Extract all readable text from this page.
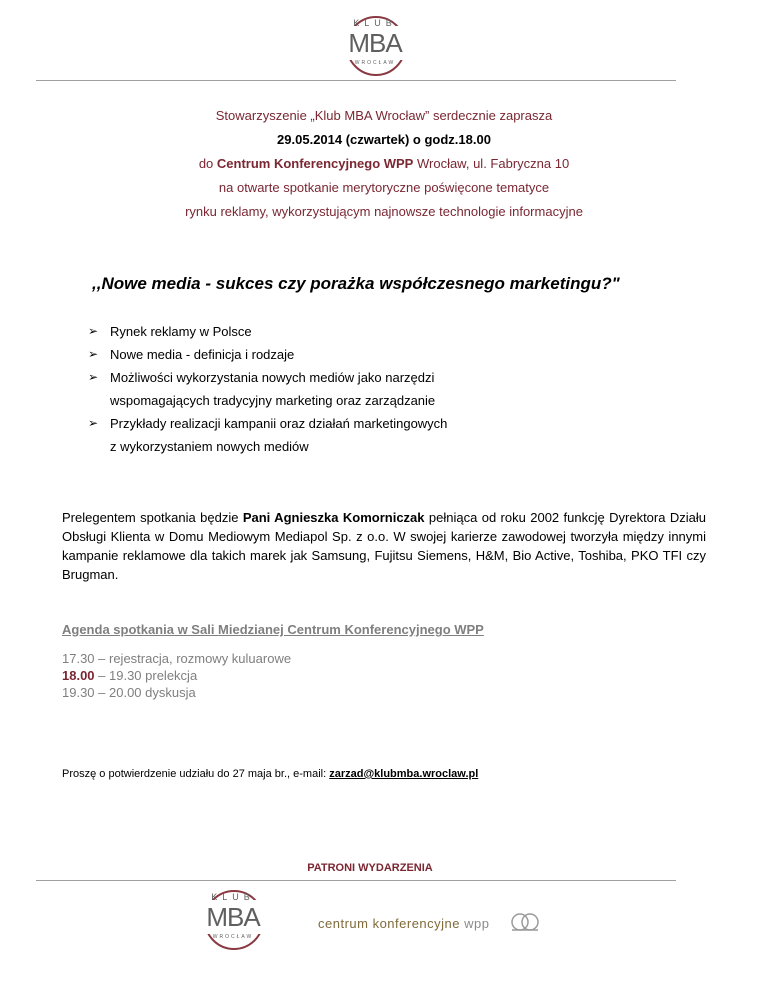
KLUB
MBA
WROCŁAW
Stowarzyszenie „Klub MBA Wrocław” serdecznie zaprasza
29.05.2014 (czwartek) o godz.18.00
do Centrum Konferencyjnego WPP Wrocław, ul. Fabryczna 10
na otwarte spotkanie merytoryczne poświęcone tematyce
rynku reklamy, wykorzystującym najnowsze technologie informacyjne
,,Nowe media - sukces czy porażka współczesnego marketingu?"
➢ Rynek reklamy w Polsce
➢ Nowe media - definicja i rodzaje
➢ Możliwości wykorzystania nowych mediów jako narzędzi
wspomagających tradycyjny marketing oraz zarządzanie
➢ Przykłady realizacji kampanii oraz działań marketingowych
z wykorzystaniem nowych mediów
Prelegentem spotkania będzie Pani Agnieszka Komorniczak pełniąca od roku 2002 funkcję Dyrektora Działu Obsługi Klienta w Domu Mediowym Mediapol Sp. z o.o. W swojej karierze zawodowej tworzyła między innymi kampanie reklamowe dla takich marek jak Samsung, Fujitsu Siemens, H&M, Bio Active, Toshiba, PKO TFI czy Brugman.
Agenda spotkania w Sali Miedzianej Centrum Konferencyjnego WPP
17.30 – rejestracja, rozmowy kuluarowe
18.00 – 19.30 prelekcja
19.30 – 20.00 dyskusja
Proszę o potwierdzenie udziału do 27 maja br., e-mail: zarzad@klubmba.wroclaw.pl
PATRONI WYDARZENIA
KLUB
MBA
WROCŁAW
centrum konferencyjne wpp
